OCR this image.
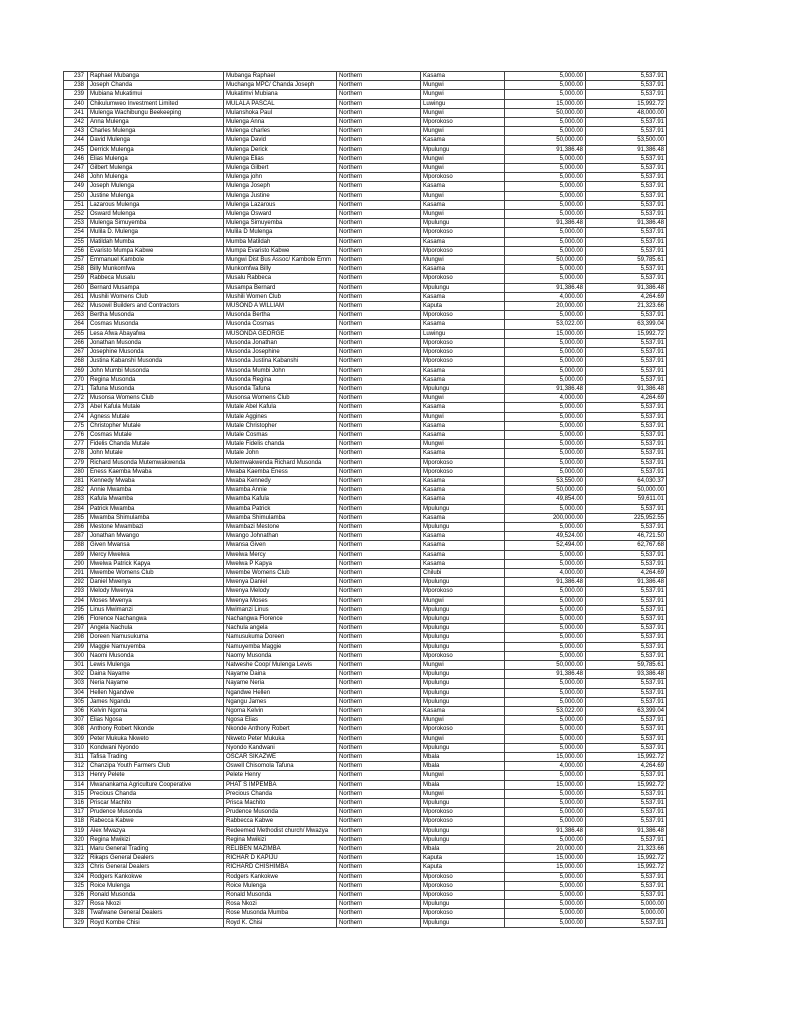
237	Raphael Mubanga	Mubanga Raphael	Northern	Kasama	5,000.00	5,537.91
238	Joseph Chanda	Muchanga MPC/ Chanda Joseph	Northern	Mungwi	5,000.00	5,537.91
239	Mubiana Mukatimui	Mukatimvi Mubiana	Northern	Mungwi	5,000.00	5,537.91
240	Chikulumweo Investment Limited	MULALA PASCAL	Northern	Luwingu	15,000.00	15,992.72
241	Mulenga Wachibungu Beekeeping	Mulanshoka Paul	Northern	Mungwi	50,000.00	48,000.00
242	Anna Mulenga	Mulenga Anna	Northern	Mporokoso	5,000.00	5,537.91
243	Charles Mulenga	Mulenga charles	Northern	Mungwi	5,000.00	5,537.91
244	David Mulenga	Mulenga David	Northern	Kasama	50,000.00	53,500.00
245	Derrick Mulenga	Mulenga Derick	Northern	Mpulungu	91,386.48	91,386.48
246	Elias Mulenga	Mulenga Elias	Northern	Mungwi	5,000.00	5,537.91
247	Gilbert Mulenga	Mulenga Gilbert	Northern	Mungwi	5,000.00	5,537.91
248	John Mulenga	Mulenga john	Northern	Mporokoso	5,000.00	5,537.91
249	Joseph Mulenga	Mulenga Joseph	Northern	Kasama	5,000.00	5,537.91
250	Justine Mulenga	Mulenga Justine	Northern	Mungwi	5,000.00	5,537.91
251	Lazarous Mulenga	Mulenga Lazarous	Northern	Kasama	5,000.00	5,537.91
252	Osward Mulenga	Mulenga Osward	Northern	Mungwi	5,000.00	5,537.91
253	Mulenga Simuyemba	Mulenga Simuyemba	Northern	Mpulungu	91,386.48	91,386.48
254	Mulila D. Mulenga	Mulila D Mulenga	Northern	Mporokoso	5,000.00	5,537.91
255	Matildah Mumba	Mumba Matildah	Northern	Kasama	5,000.00	5,537.91
256	Evaristo Mumpa Kabwe	Mumpa Evaristo Kabwe	Northern	Mporokoso	5,000.00	5,537.91
257	Emmanuel Kambole	Mungwi Dist Bus Assoc/ Kambole Emm	Northern	Mungwi	50,000.00	59,785.61
258	Billy Munkomfwa	Munkomfwa Billy	Northern	Kasama	5,000.00	5,537.91
259	Rabbeca Musalu	Musalu Rabbeca	Northern	Mporokoso	5,000.00	5,537.91
260	Bernard Musampa	Musampa Bernard	Northern	Mpulungu	91,386.48	91,386.48
261	Mushili Womens Club	Mushili Women Club	Northern	Kasama	4,000.00	4,264.69
262	Musowil Builders and Contractors	MUSOND A WILLIAM	Northern	Kaputa	20,000.00	21,323.66
263	Bertha Musonda	Musonda Bertha	Northern	Mporokoso	5,000.00	5,537.91
264	Cosmas Musonda	Musonda Cosmas	Northern	Kasama	53,022.00	63,399.04
265	Lesa Afwa Abayafwa	MUSONDA GEORGE	Northern	Luwingu	15,000.00	15,992.72
266	Jonathan Musonda	Musonda Jonathan	Northern	Mporokoso	5,000.00	5,537.91
267	Josephine Musonda	Musonda Josephine	Northern	Mporokoso	5,000.00	5,537.91
268	Justina Kabanshi Musonda	Musonda Justina Kabanshi	Northern	Mporokoso	5,000.00	5,537.91
269	John Mumbi Musonda	Musonda Mumbi John	Northern	Kasama	5,000.00	5,537.91
270	Regina Musonda	Musonda Regina	Northern	Kasama	5,000.00	5,537.91
271	Tafuna Musonda	Musonda Tafuna	Northern	Mpulungu	91,386.48	91,386.48
272	Musonsa Womens Club	Musonsa Womens Club	Northern	Mungwi	4,000.00	4,264.69
273	Abel Kafula Mutale	Mutale Abel Kafula	Northern	Kasama	5,000.00	5,537.91
274	Agness Mutale	Mutale Aggines	Northern	Mungwi	5,000.00	5,537.91
275	Christopher Mutale	Mutale Christopher	Northern	Kasama	5,000.00	5,537.91
276	Cosmas Mutale	Mutale Cosmas	Northern	Kasama	5,000.00	5,537.91
277	Fidelis Chanda Mutale	Mutale Fidelis chanda	Northern	Mungwi	5,000.00	5,537.91
278	John Mutale	Mutale John	Northern	Kasama	5,000.00	5,537.91
279	Richard Musonda Mutemwakwenda	Mutemwakwenda Richard Musonda	Northern	Mporokoso	5,000.00	5,537.91
280	Eness Kaemba Mwaba	Mwaba Kaemba Eness	Northern	Mporokoso	5,000.00	5,537.91
281	Kennedy Mwaba	Mwaba Kennedy	Northern	Kasama	53,550.00	64,030.37
282	Annie Mwamba	Mwamba Annie	Northern	Kasama	50,000.00	50,000.00
283	Kafula Mwamba	Mwamba Kafula	Northern	Kasama	49,854.00	59,611.01
284	Patrick Mwamba	Mwamba Patrick	Northern	Mpulungu	5,000.00	5,537.91
285	Mwamba Shimulamba	Mwamba Shimulamba	Northern	Kasama	200,000.00	225,952.55
286	Mestone Mwambazi	Mwambazi Mestone	Northern	Mpulungu	5,000.00	5,537.91
287	Jonathan Mwango	Mwango Johnathan	Northern	Kasama	49,524.00	46,721.50
288	Given Mwansa	Mwansa Given	Northern	Kasama	52,494.00	62,767.68
289	Mercy Mwelwa	Mwelwa Mercy	Northern	Kasama	5,000.00	5,537.91
290	Mwelwa Patrick Kapya	Mwelwa P Kapya	Northern	Kasama	5,000.00	5,537.91
291	Mwembe Womens Club	Mwembe Womens Club	Northern	Chilubi	4,000.00	4,264.69
292	Daniel Mwenya	Mwenya Daniel	Northern	Mpulungu	91,386.48	91,386.48
293	Melody Mwenya	Mwenya Melody	Northern	Mporokoso	5,000.00	5,537.91
294	Moses Mwenya	Mwenya Moses	Northern	Mungwi	5,000.00	5,537.91
295	Linus Mwimanzi	Mwimanzi Linus	Northern	Mpulungu	5,000.00	5,537.91
296	Florence Nachangwa	Nachangwa Florence	Northern	Mpulungu	5,000.00	5,537.91
297	Angela Nachula	Nachula angela	Northern	Mpulungu	5,000.00	5,537.91
298	Doreen Namusukuma	Namusukuma Doreen	Northern	Mpulungu	5,000.00	5,537.91
299	Maggie Namuyemba	Namuyemba Maggie	Northern	Mpulungu	5,000.00	5,537.91
300	Naomi Musonda	Naomy Musonda	Northern	Mporokoso	5,000.00	5,537.91
301	Lewis Mulenga	Natweshe Coop/ Mulenga Lewis	Northern	Mungwi	50,000.00	59,785.61
302	Daina Nayame	Nayame Daina	Northern	Mpulungu	91,386.48	93,386.48
303	Neria Nayame	Nayame Neria	Northern	Mpulungu	5,000.00	5,537.91
304	Hellen Ngandwe	Ngandwe Hellen	Northern	Mpulungu	5,000.00	5,537.91
305	James Ngandu	Ngangu James	Northern	Mpulungu	5,000.00	5,537.91
306	Kelvin Ngoma	Ngoma Kelvin	Northern	Kasama	53,022.00	63,399.04
307	Elias Ngosa	Ngosa Elias	Northern	Mungwi	5,000.00	5,537.91
308	Anthony Robert Nkonde	Nkonde Anthony Robert	Northern	Mporokoso	5,000.00	5,537.91
309	Peter Mukuka Nkweto	Nkweto Peter Mukuka	Northern	Mungwi	5,000.00	5,537.91
310	Kondwani Nyondo	Nyondo Kandwani	Northern	Mpulungu	5,000.00	5,537.91
311	Tafisa Trading	OSCAR SIKAZWE	Northern	Mbala	15,000.00	15,992.72
312	Chanzipa Youth Farmers Club	Oswell Chisomola Tafuna	Northern	Mbala	4,000.00	4,264.69
313	Henry Pelete	Pelete Henry	Northern	Mungwi	5,000.00	5,537.91
314	Mwanankama Agriculture Cooperative	PHAT S IMPEMBA	Northern	Mbala	15,000.00	15,992.72
315	Precious Chanda	Precious Chanda	Northern	Mungwi	5,000.00	5,537.91
316	Priscar Machito	Prisca Machito	Northern	Mpulungu	5,000.00	5,537.91
317	Prudence Musonda	Prudence Musonda	Northern	Mporokoso	5,000.00	5,537.91
318	Rabecca Kabwe	Rabbecca Kabwe	Northern	Mporokoso	5,000.00	5,537.91
319	Alex Mwazya	Redeemed Methodist church/ Mwazya	Northern	Mpulungu	91,386.48	91,386.48
320	Regina Mwikizi	Regina Mwikizi	Northern	Mpulungu	5,000.00	5,537.91
321	Maru General Trading	RELIBEN MAZIMBA	Northern	Mbala	20,000.00	21,323.66
322	Rikaps General Dealers	RICHAR D KAPIJU	Northern	Kaputa	15,000.00	15,992.72
323	Chris General Dealers	RICHARD CHISHIMBA	Northern	Kaputa	15,000.00	15,992.72
324	Rodgers Kankokwe	Rodgers Kankokwe	Northern	Mporokoso	5,000.00	5,537.91
325	Roice Mulenga	Roice Mulenga	Northern	Mporokoso	5,000.00	5,537.91
326	Ronald Musonda	Ronald Musonda	Northern	Mporokoso	5,000.00	5,537.91
327	Rosa Nkozi	Rosa Nkozi	Northern	Mpulungu	5,000.00	5,000.00
328	Twafwane General Dealers	Rose Musonda Mumba	Northern	Mporokoso	5,000.00	5,000.00
329	Royd Kombe Chisi	Royd K. Chisi	Northern	Mpulungu	5,000.00	5,537.91
